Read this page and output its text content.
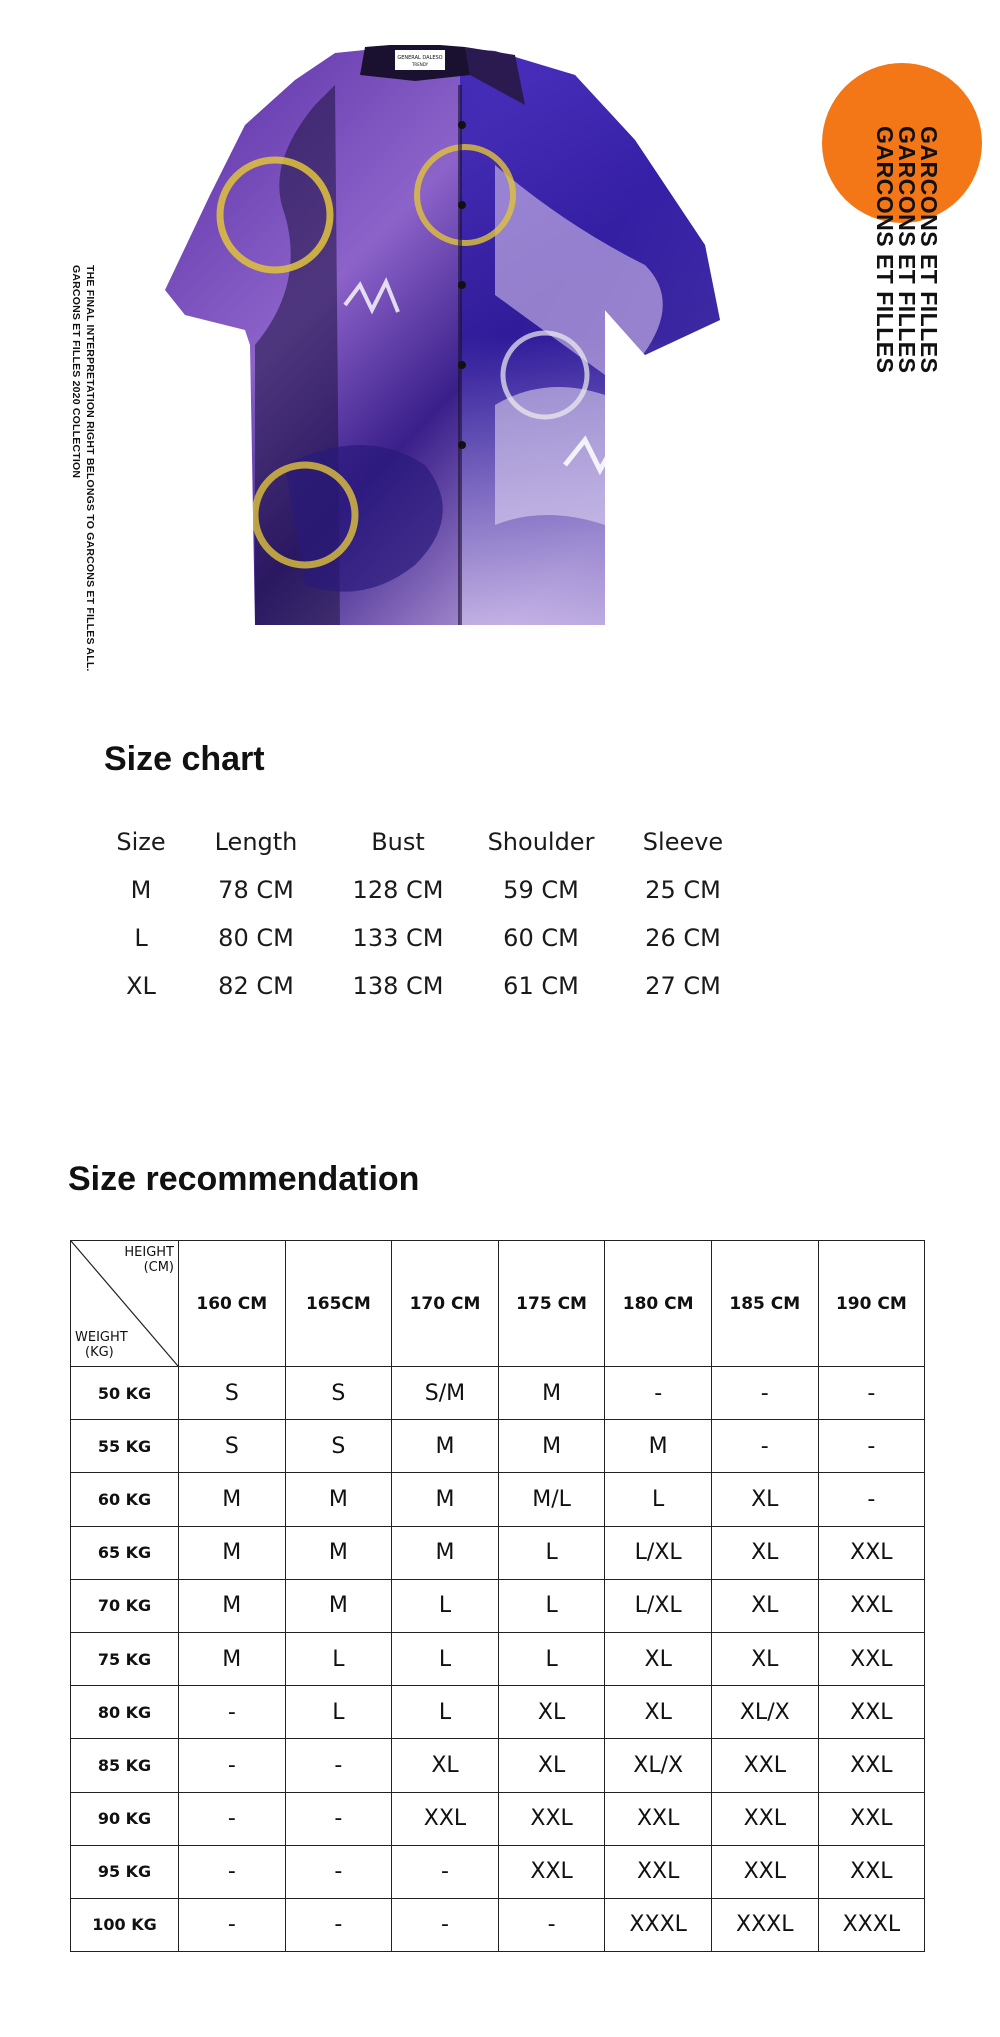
THE FINAL INTERPRETATION RIGHT BELONGS TO GARCONS ET FILLES ALL.
GARCONS ET FILLES 2020 COLLECTION
GENERAL DALESO
TRENDY
GARCONS ET FILLES
GARCONS ET FILLES
GARCONS ET FILLES
Size chart
Size	Length	Bust	Shoulder	Sleeve
M	78 CM	128 CM	59 CM	25 CM
L	80 CM	133 CM	60 CM	26 CM
XL	82 CM	138 CM	61 CM	27 CM
Size recommendation
HEIGHT
(CM)
WEIGHT
(KG)	160 CM	165CM	170 CM	175 CM	180 CM	185 CM	190 CM
50 KG	S	S	S/M	M	-	-	-
55 KG	S	S	M	M	M	-	-
60 KG	M	M	M	M/L	L	XL	-
65 KG	M	M	M	L	L/XL	XL	XXL
70 KG	M	M	L	L	L/XL	XL	XXL
75 KG	M	L	L	L	XL	XL	XXL
80 KG	-	L	L	XL	XL	XL/X	XXL
85 KG	-	-	XL	XL	XL/X	XXL	XXL
90 KG	-	-	XXL	XXL	XXL	XXL	XXL
95 KG	-	-	-	XXL	XXL	XXL	XXL
100 KG	-	-	-	-	XXXL	XXXL	XXXL
